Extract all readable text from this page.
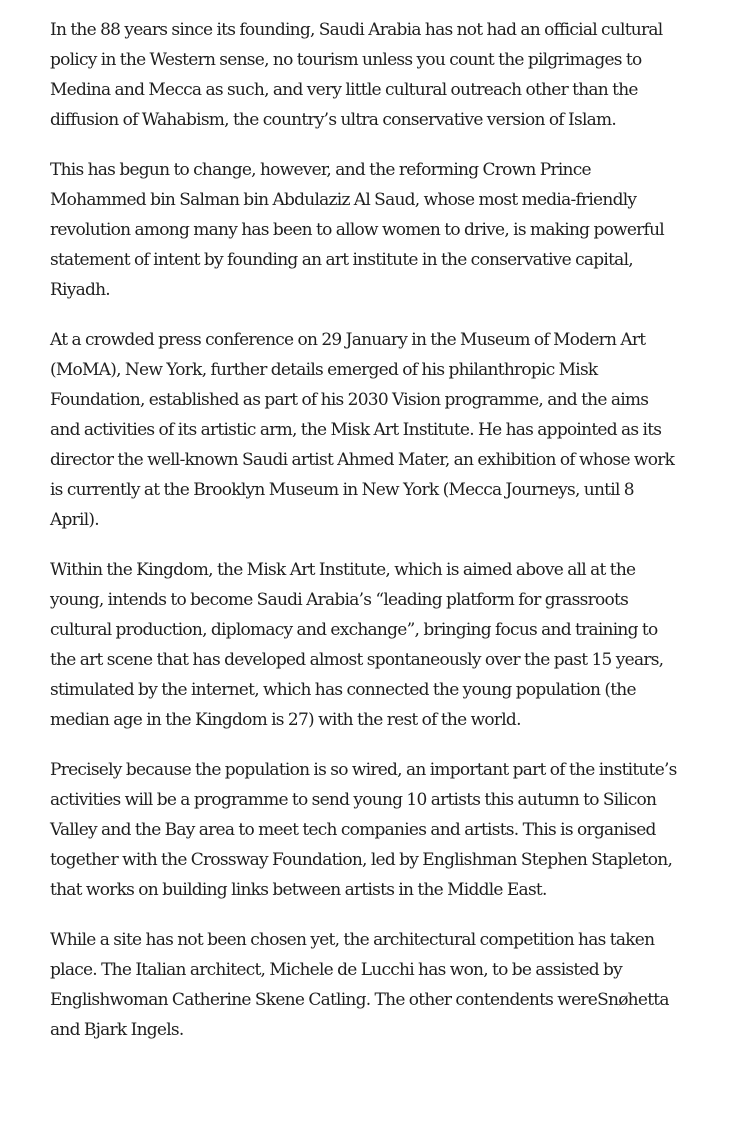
In the 88 years since its founding, Saudi Arabia has not had an official cultural policy in the Western sense, no tourism unless you count the pilgrimages to Medina and Mecca as such, and very little cultural outreach other than the diffusion of Wahabism, the country’s ultra conservative version of Islam.

This has begun to change, however, and the reforming Crown Prince Mohammed bin Salman bin Abdulaziz Al Saud, whose most media-friendly revolution among many has been to allow women to drive, is making powerful statement of intent by founding an art institute in the conservative capital, Riyadh.

At a crowded press conference on 29 January in the Museum of Modern Art (MoMA), New York, further details emerged of his philanthropic Misk Foundation, established as part of his 2030 Vision programme, and the aims and activities of its artistic arm, the Misk Art Institute. He has appointed as its director the well-known Saudi artist Ahmed Mater, an exhibition of whose work is currently at the Brooklyn Museum in New York (Mecca Journeys, until 8 April).

Within the Kingdom, the Misk Art Institute, which is aimed above all at the young, intends to become Saudi Arabia’s “leading platform for grassroots cultural production, diplomacy and exchange”, bringing focus and training to the art scene that has developed almost spontaneously over the past 15 years, stimulated by the internet, which has connected the young population (the median age in the Kingdom is 27) with the rest of the world.

Precisely because the population is so wired, an important part of the institute’s activities will be a programme to send young 10 artists this autumn to Silicon Valley and the Bay area to meet tech companies and artists. This is organised together with the Crossway Foundation, led by Englishman Stephen Stapleton, that works on building links between artists in the Middle East.

While a site has not been chosen yet, the architectural competition has taken place. The Italian architect, Michele de Lucchi has won, to be assisted by Englishwoman Catherine Skene Catling. The other contendents wereSnøhetta and Bjark Ingels.
